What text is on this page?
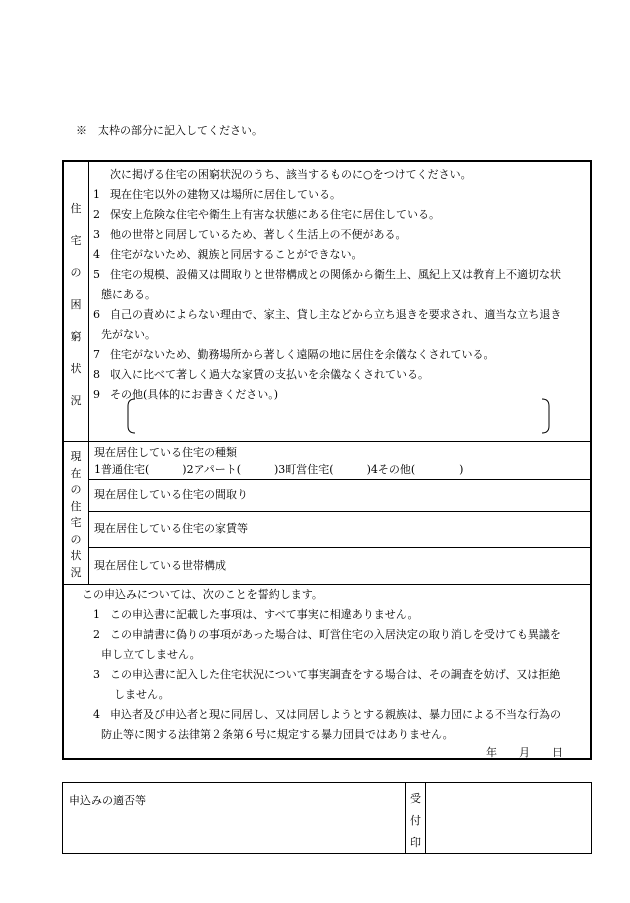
※　太枠の部分に記入してください。
住
宅
の
困
窮
状
況
次に掲げる住宅の困窮状況のうち、該当するものに○をつけてください。
1 現在住宅以外の建物又は場所に居住している。
2 保安上危険な住宅や衛生上有害な状態にある住宅に居住している。
3 他の世帯と同居しているため、著しく生活上の不便がある。
4 住宅がないため、親族と同居することができない。
5 住宅の規模、設備又は間取りと世帯構成との関係から衛生上、風紀上又は教育上不適切な状
態にある。
6 自己の責めによらない理由で、家主、貸し主などから立ち退きを要求され、適当な立ち退き
先がない。
7 住宅がないため、勤務場所から著しく遠隔の地に居住を余儀なくされている。
8 収入に比べて著しく過大な家賃の支払いを余儀なくされている。
9 その他(具体的にお書きください。)
現
在
の
住
宅
の
状
況
現在居住している住宅の種類
1普通住宅(　　　)2アパート(　　　)3町営住宅(　　　)4その他(　　　　)
現在居住している住宅の間取り
現在居住している住宅の家賃等
現在居住している世帯構成
この申込みについては、次のことを誓約します。
1 この申込書に記載した事項は、すべて事実に相違ありません。
2 この申請書に偽りの事項があった場合は、町営住宅の入居決定の取り消しを受けても異議を
申し立てしません。
3 この申込書に記入した住宅状況について事実調査をする場合は、その調査を妨げ、又は拒絶
しません。
4 申込者及び申込者と現に同居し、又は同居しようとする親族は、暴力団による不当な行為の
防止等に関する法律第２条第６号に規定する暴力団員ではありません。
年　　月　　日
申込みの適否等	受
付
印
